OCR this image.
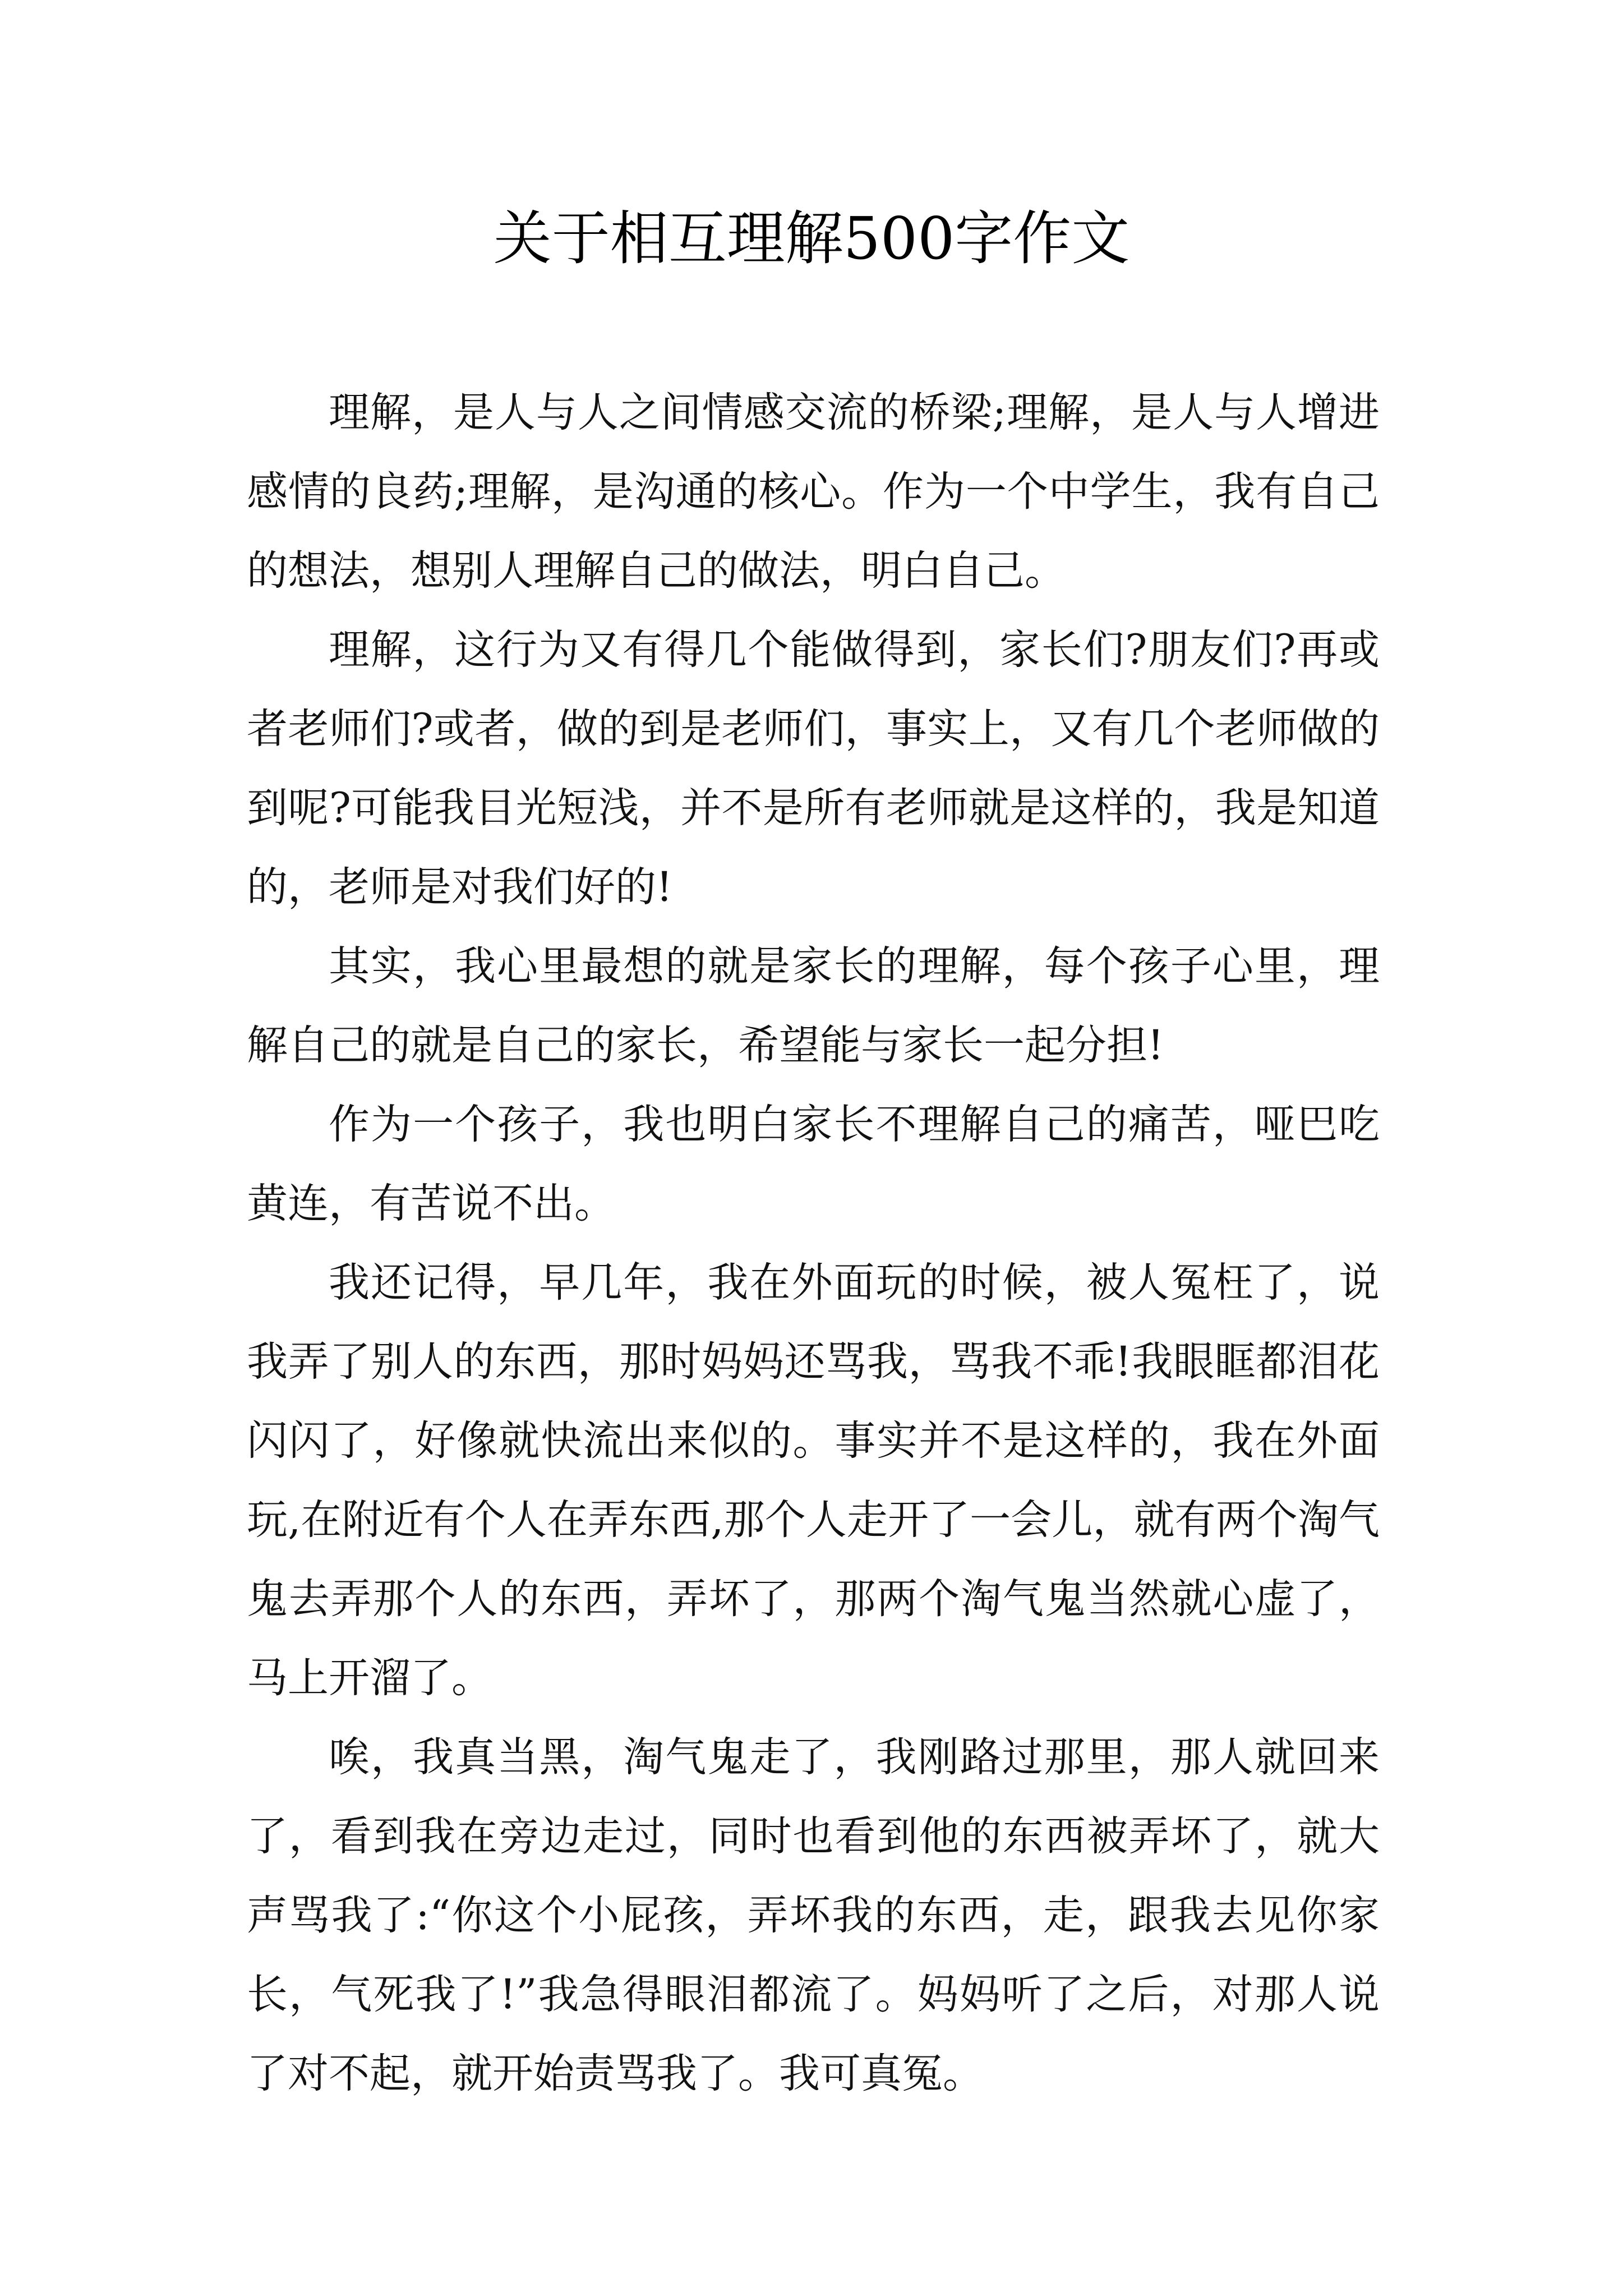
关于相互理解500字作文

理解，是人与人之间情感交流的桥梁;理解，是人与人增进感情的良药;理解，是沟通的核心。作为一个中学生，我有自己的想法，想别人理解自己的做法，明白自己。

理解，这行为又有得几个能做得到，家长们?朋友们?再或者老师们?或者，做的到是老师们，事实上，又有几个老师做的到呢?可能我目光短浅，并不是所有老师就是这样的，我是知道的，老师是对我们好的!

其实，我心里最想的就是家长的理解，每个孩子心里，理解自己的就是自己的家长，希望能与家长一起分担!

作为一个孩子，我也明白家长不理解自己的痛苦，哑巴吃黄连，有苦说不出。

我还记得，早几年，我在外面玩的时候，被人冤枉了，说我弄了别人的东西，那时妈妈还骂我，骂我不乖!我眼眶都泪花闪闪了，好像就快流出来似的。事实并不是这样的，我在外面玩,在附近有个人在弄东西,那个人走开了一会儿，就有两个淘气鬼去弄那个人的东西，弄坏了，那两个淘气鬼当然就心虚了，马上开溜了。

唉，我真当黑，淘气鬼走了，我刚路过那里，那人就回来了，看到我在旁边走过，同时也看到他的东西被弄坏了，就大声骂我了:“你这个小屁孩，弄坏我的东西，走，跟我去见你家长，气死我了!”我急得眼泪都流了。妈妈听了之后，对那人说了对不起，就开始责骂我了。我可真冤。
